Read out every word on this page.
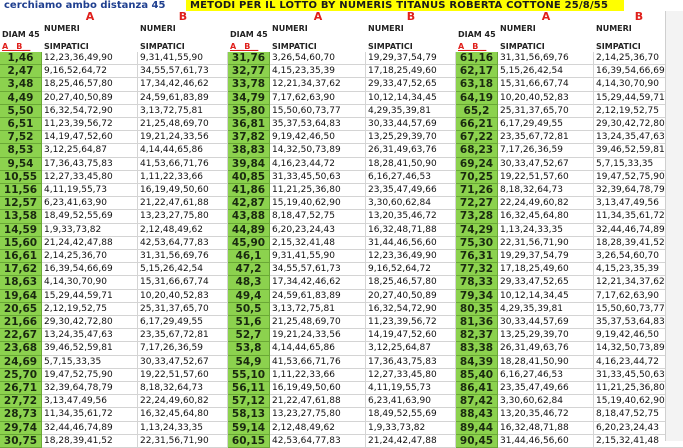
cerchiamo ambo distanza 45	METODI PER IL LOTTO BY NUMERIS TITANUS ROBERTA COTTONE 25/8/55
A	B
NUMERI	NUMERI
DIAM 45
A__B__	SIMPATICI	SIMPATICI
1,46	12,23,36,49,90	9,31,41,55,90
2,47	9,16,52,64,72	34,55,57,61,73
3,48	18,25,46,57,80	17,34,42,46,62
4,49	20,27,40,50,89	24,59,61,83,89
5,50	16,32,54,72,90	3,13,72,75,81
6,51	11,23,39,56,72	21,25,48,69,70
7,52	14,19,47,52,60	19,21,24,33,56
8,53	3,12,25,64,87	4,14,44,65,86
9,54	17,36,43,75,83	41,53,66,71,76
10,55 12,27,33,45,80	1,11,22,33,66
11,56 4,11,19,55,73	16,19,49,50,60
12,57 6,23,41,63,90	21,22,47,61,88
13,58 18,49,52,55,69	13,23,27,75,80
14,59 1,9,33,73,82	2,12,48,49,62
15,60 21,24,42,47,88	42,53,64,77,83
16,61 2,14,25,36,70	31,31,56,69,76
17,62 16,39,54,66,69	5,15,26,42,54
18,63 4,14,30,70,90	15,31,66,67,74
19,64 15,29,44,59,71	10,20,40,52,83
20,65 2,12,19,52,75	25,31,37,65,70
21,66 29,30,42,72,80	6,17,29,49,55
22,67 13,24,35,47,63	23,35,67,72,81
23,68 39,46,52,59,81	7,17,26,36,59
24,69 5,7,15,33,35	30,33,47,52,67
25,70 19,47,52,75,90	19,22,51,57,60
26,71 32,39,64,78,79	8,18,32,64,73
27,72 3,13,47,49,56	22,24,49,60,82
28,73 11,34,35,61,72	16,32,45,64,80
29,74 32,44,46,74,89	1,13,24,33,35
30,75 18,28,39,41,52	22,31,56,71,90
A	B
NUMERI	NUMERI
DIAM 45
A__B__	SIMPATICI	SIMPATICI
31,76 3,26,54,60,70	19,29,37,54,79
32,77 4,15,23,35,39	17,18,25,49,60
33,78 12,21,34,37,62	29,33,47,52,65
34,79 7,17,62,63,90	10,12,14,34,45
35,80 15,50,60,73,77	4,29,35,39,81
36,81 35,37,53,64,83	30,33,44,57,69
37,82 9,19,42,46,50	13,25,29,39,70
38,83 14,32,50,73,89	26,31,49,63,76
39,84 4,16,23,44,72	18,28,41,50,90
40,85 31,33,45,50,63	6,16,27,46,53
41,86 11,21,25,36,80	23,35,47,49,66
42,87 15,19,40,62,90	3,30,60,62,84
43,88 8,18,47,52,75	13,20,35,46,72
44,89 6,20,23,24,43	16,32,48,71,88
45,90 2,15,32,41,48	31,44,46,56,60
46,1	9,31,41,55,90	12,23,36,49,90
47,2	34,55,57,61,73	9,16,52,64,72
48,3	17,34,42,46,62	18,25,46,57,80
49,4	24,59,61,83,89	20,27,40,50,89
50,5	3,13,72,75,81	16,32,54,72,90
51,6	21,25,48,69,70	11,23,39,56,72
52,7	19,21,24,33,56	14,19,47,52,60
53,8	4,14,44,65,86	3,12,25,64,87
54,9	41,53,66,71,76	17,36,43,75,83
55,10 1,11,22,33,66	12,27,33,45,80
56,11 16,19,49,50,60	4,11,19,55,73
57,12 21,22,47,61,88	6,23,41,63,90
58,13 13,23,27,75,80	18,49,52,55,69
59,14 2,12,48,49,62	1,9,33,73,82
60,15 42,53,64,77,83	21,24,42,47,88
A	B
NUMERI	NUMERI
DIAM 45
A__B__	SIMPATICI	SIMPATICI
61,16 31,31,56,69,76	2,14,25,36,70
62,17 5,15,26,42,54	16,39,54,66,69
63,18 15,31,66,67,74	4,14,30,70,90
64,19 10,20,40,52,83	15,29,44,59,71
65,2	25,31,37,65,70	2,12,19,52,75
66,21 6,17,29,49,55	29,30,42,72,80
67,22 23,35,67,72,81	13,24,35,47,63
68,23 7,17,26,36,59	39,46,52,59,81
69,24 30,33,47,52,67	5,7,15,33,35
70,25 19,22,51,57,60	19,47,52,75,90
71,26 8,18,32,64,73	32,39,64,78,79
72,27 22,24,49,60,82	3,13,47,49,56
73,28 16,32,45,64,80	11,34,35,61,72
74,29 1,13,24,33,35	32,44,46,74,89
75,30 22,31,56,71,90	18,28,39,41,52
76,31 19,29,37,54,79	3,26,54,60,70
77,32 17,18,25,49,60	4,15,23,35,39
78,33 29,33,47,52,65	12,21,34,37,62
79,34 10,12,14,34,45	7,17,62,63,90
80,35 4,29,35,39,81	15,50,60,73,77
81,36 30,33,44,57,69	35,37,53,64,83
82,37 13,25,29,39,70	9,19,42,46,50
83,38 26,31,49,63,76	14,32,50,73,89
84,39 18,28,41,50,90	4,16,23,44,72
85,40 6,16,27,46,53	31,33,45,50,63
86,41 23,35,47,49,66	11,21,25,36,80
87,42 3,30,60,62,84	15,19,40,62,90
88,43 13,20,35,46,72	8,18,47,52,75
89,44 16,32,48,71,88	6,20,23,24,43
90,45 31,44,46,56,60	2,15,32,41,48
